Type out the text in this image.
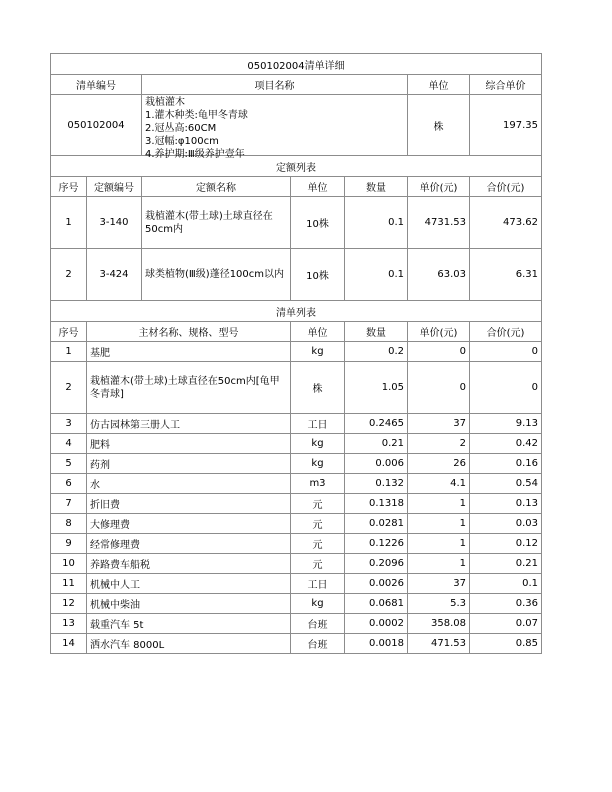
050102004清单详细						
清单编号		项目名称			单位	综合单价
050102004		栽植灌木
1.灌木种类:龟甲冬青球
2.冠丛高:60CM
3.冠幅:φ100cm
4.养护期:Ⅲ级养护壹年			株	197.35
定额列表						
序号	定额编号	定额名称	单位	数量	单价(元)	合价(元)
1	3-140	栽植灌木(带土球)土球直径在50cm内	10株	0.1	4731.53	473.62
2	3-424	球类植物(Ⅲ级)蓬径100cm以内	10株	0.1	63.03	6.31
清单列表						
序号	主材名称、规格、型号		单位	数量	单价(元)	合价(元)
1	基肥		kg	0.2	0	0
2	栽植灌木(带土球)土球直径在50cm内[龟甲冬青球]		株	1.05	0	0
3	仿古园林第三册人工		工日	0.2465	37	9.13
4	肥料		kg	0.21	2	0.42
5	药剂		kg	0.006	26	0.16
6	水		m3	0.132	4.1	0.54
7	折旧费		元	0.1318	1	0.13
8	大修理费		元	0.0281	1	0.03
9	经常修理费		元	0.1226	1	0.12
10	养路费车船税		元	0.2096	1	0.21
11	机械中人工		工日	0.0026	37	0.1
12	机械中柴油		kg	0.0681	5.3	0.36
13	载重汽车 5t		台班	0.0002	358.08	0.07
14	洒水汽车 8000L		台班	0.0018	471.53	0.85
